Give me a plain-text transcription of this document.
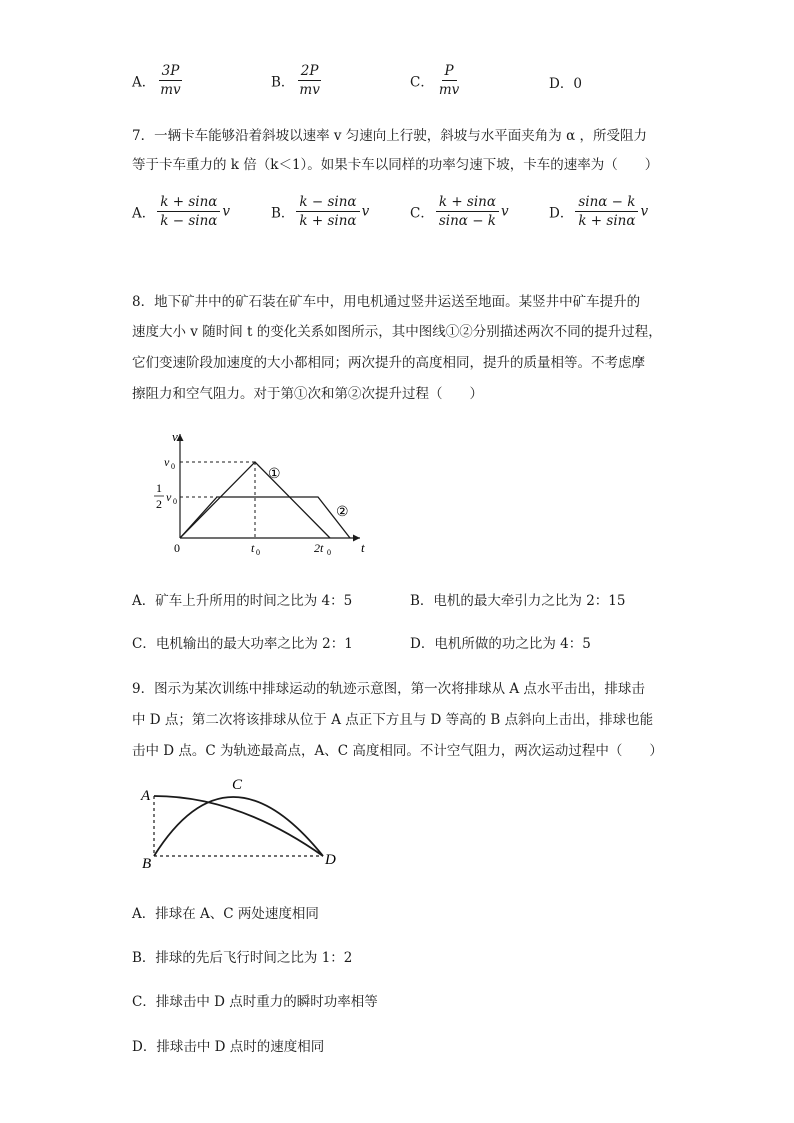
A． $\frac{3P}{mv}$	B． $\frac{2P}{mv}$	C． $\frac{P}{mv}$	D．0
7．一辆卡车能够沿着斜坡以速率 v 匀速向上行驶，斜坡与水平面夹角为 α ，所受阻力
等于卡车重力的 k 倍（k＜1）。如果卡车以同样的功率匀速下坡，卡车的速率为（　　）
A． $\frac{k + \sin\alpha}{k - \sin\alpha}$ v	B． $\frac{k - \sin\alpha}{k + \sin\alpha}$ v	C． $\frac{k + \sin\alpha}{\sin\alpha - k}$ v	D． $\frac{\sin\alpha - k}{k + \sin\alpha}$ v
8．地下矿井中的矿石装在矿车中，用电机通过竖井运送至地面。某竖井中矿车提升的
速度大小 v 随时间 t 的变化关系如图所示，其中图线①②分别描述两次不同的提升过程，
它们变速阶段加速度的大小都相同；两次提升的高度相同，提升的质量相等。不考虑摩
擦阻力和空气阻力。对于第①次和第②次提升过程（　　）
v
t
v 0
1
2 v 0
0	t 0	2t 0
①
②
A．矿车上升所用的时间之比为 4：5	B．电机的最大牵引力之比为 2：15
C．电机输出的最大功率之比为 2：1	D．电机所做的功之比为 4：5
9．图示为某次训练中排球运动的轨迹示意图，第一次将排球从 A 点水平击出，排球击
中 D 点；第二次将该排球从位于 A 点正下方且与 D 等高的 B 点斜向上击出，排球也能
击中 D 点。C 为轨迹最高点，A、C 高度相同。不计空气阻力，两次运动过程中（　　）
A
B
C
D
A．排球在 A、C 两处速度相同
B．排球的先后飞行时间之比为 1：2
C．排球击中 D 点时重力的瞬时功率相等
D．排球击中 D 点时的速度相同
